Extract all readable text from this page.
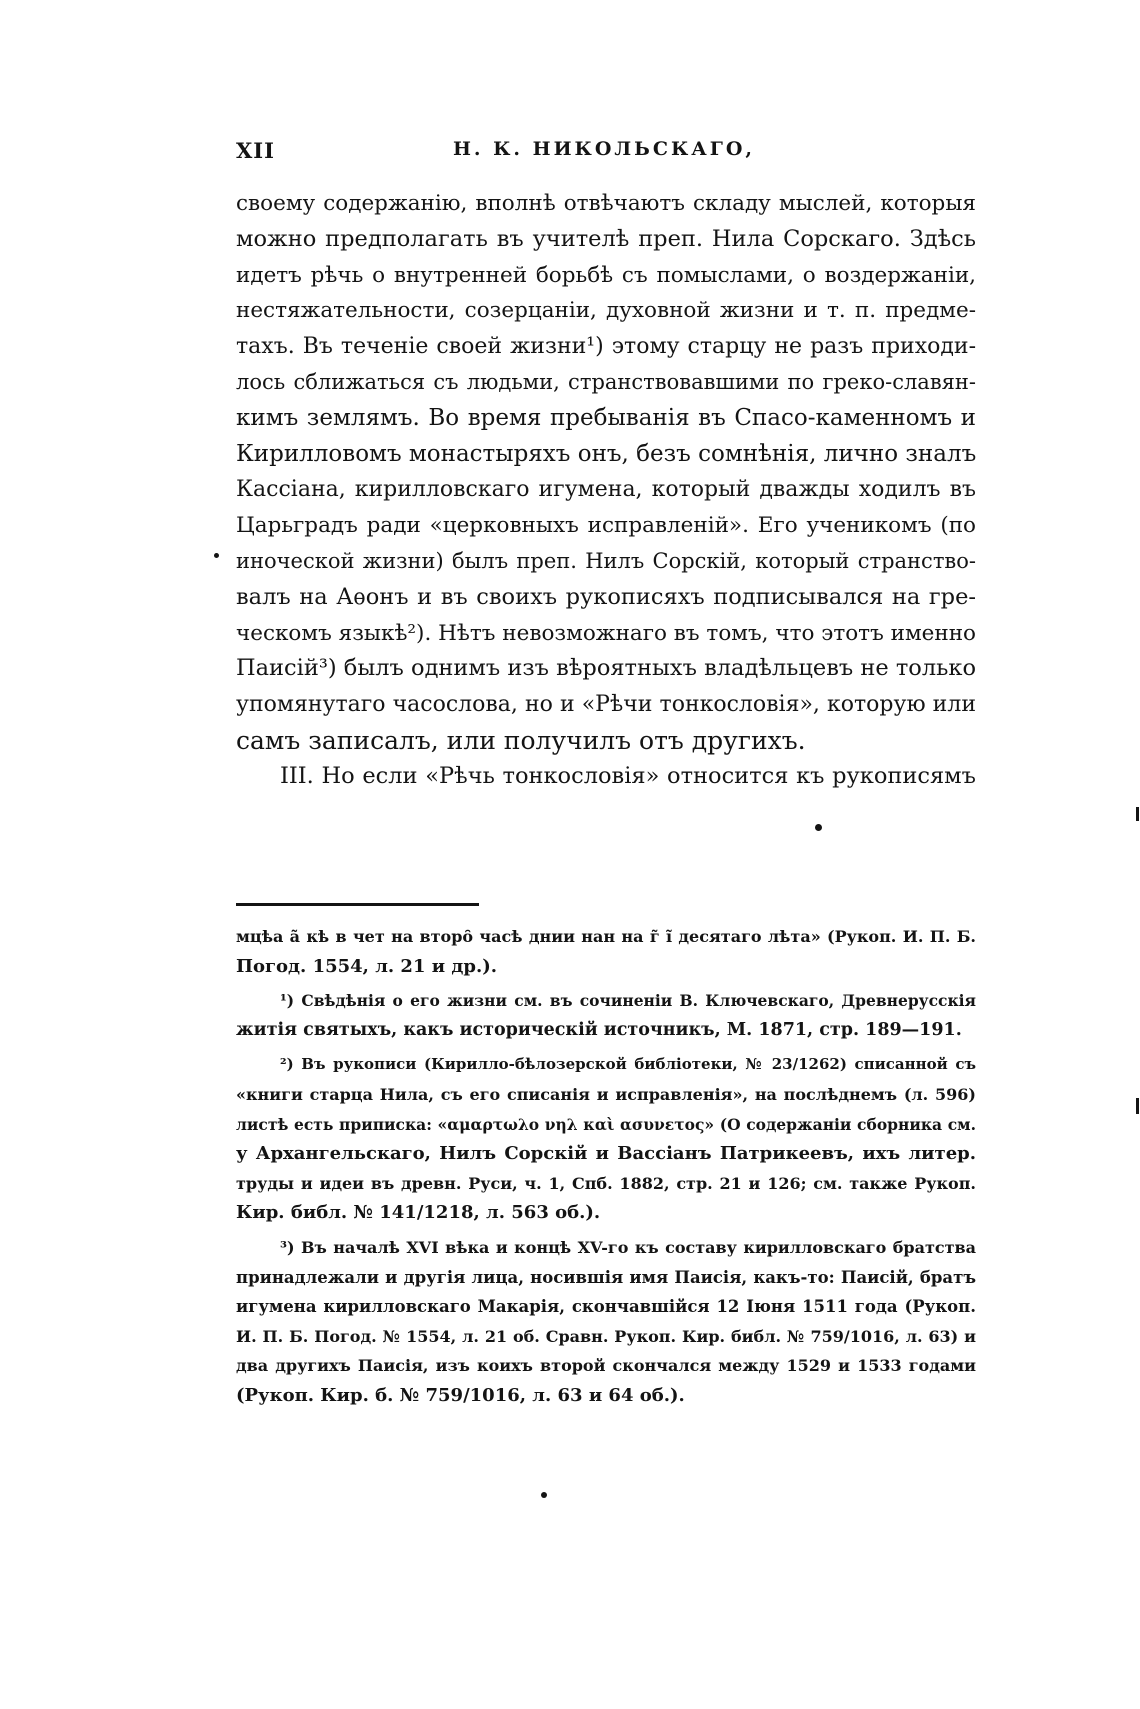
XII	Н. К. НИКОЛЬСКАГО,
своему содержанію, вполнѣ отвѣчаютъ складу мыслей, которыя
можно предполагать въ учителѣ преп. Нила Сорскаго. Здѣсь
идетъ рѣчь о внутренней борьбѣ съ помыслами, о воздержаніи,
нестяжательности, созерцаніи, духовной жизни и т. п. предме-
тахъ. Въ теченіе своей жизни¹) этому старцу не разъ приходи-
лось сближаться съ людьми, странствовавшими по греко-славян-
кимъ землямъ. Во время пребыванія въ Спасо-каменномъ и
Кирилловомъ монастыряхъ онъ, безъ сомнѣнія, лично зналъ
Кассіана, кирилловскаго игумена, который дважды ходилъ въ
Царьградъ ради «церковныхъ исправленій». Его ученикомъ (по
иноческой жизни) былъ преп. Нилъ Сорскій, который странство-
валъ на Аѳонъ и въ своихъ рукописяхъ подписывался на гре-
ческомъ языкѣ²). Нѣтъ невозможнаго въ томъ, что этотъ именно
Паисій³) былъ однимъ изъ вѣроятныхъ владѣльцевъ не только
упомянутаго часослова, но и «Рѣчи тонкословія», которую или
самъ записалъ, или получилъ отъ другихъ.
III. Но если «Рѣчь тонкословія» относится къ рукописямъ
мцѣа а̃ кѣ в чет на второ̑ часѣ днии нан на г̃ і̃ десятаго лѣта» (Рукоп. И. П. Б.
Погод. 1554, л. 21 и др.).
¹) Свѣдѣнія о его жизни см. въ сочиненіи В. Ключевскаго, Древнерусскія
житія святыхъ, какъ историческій источникъ, М. 1871, стр. 189—191.
²) Въ рукописи (Кирилло-бѣлозерской библіотеки, № 23/1262) списанной съ
«книги старца Нила, съ его списанія и исправленія», на послѣднемъ (л. 596)
листѣ есть приписка: «αμαρτωλο νηλ καὶ ασυνετος» (О содержаніи сборника см.
у Архангельскаго, Нилъ Сорскій и Вассіанъ Патрикеевъ, ихъ литер.
труды и идеи въ древн. Руси, ч. 1, Спб. 1882, стр. 21 и 126; см. также Рукоп.
Кир. библ. № 141/1218, л. 563 об.).
³) Въ началѣ XVI вѣка и концѣ XV-го къ составу кирилловскаго братства
принадлежали и другія лица, носившія имя Паисія, какъ-то: Паисій, братъ
игумена кирилловскаго Макарія, скончавшійся 12 Іюня 1511 года (Рукоп.
И. П. Б. Погод. № 1554, л. 21 об. Сравн. Рукоп. Кир. библ. № 759/1016, л. 63) и
два другихъ Паисія, изъ коихъ второй скончался между 1529 и 1533 годами
(Рукоп. Кир. б. № 759/1016, л. 63 и 64 об.).
